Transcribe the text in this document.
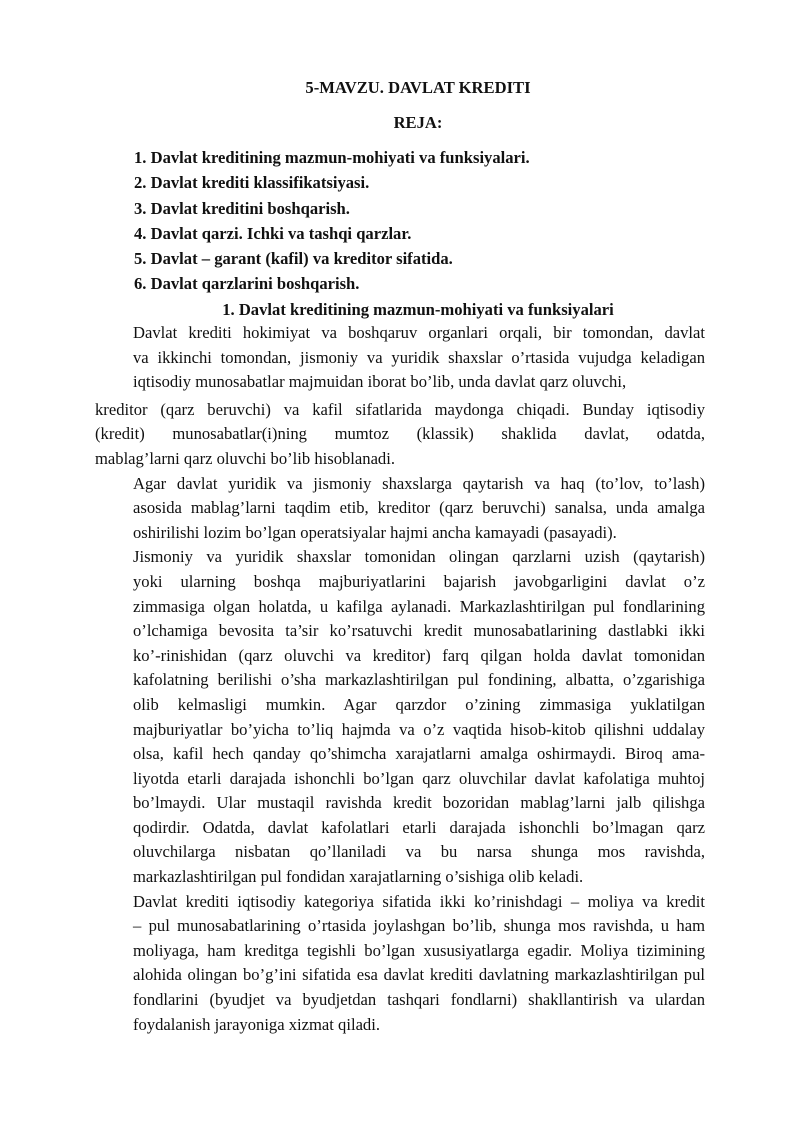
5-MAVZU. DAVLAT KREDITI
REJA:
1. Davlat kreditining mazmun-mohiyati va funksiyalari.
2. Davlat krediti klassifikatsiyasi.
3. Davlat kreditini boshqarish.
4. Davlat qarzi. Ichki va tashqi qarzlar.
5. Davlat – garant (kafil) va kreditor sifatida.
6. Davlat qarzlarini boshqarish.
1. Davlat kreditining mazmun-mohiyati va funksiyalari

Davlat krediti hokimiyat va boshqaruv organlari orqali, bir tomondan, davlat
va ikkinchi tomondan, jismoniy va yuridik shaxslar o’rtasida vujudga keladigan
iqtisodiy munosabatlar majmuidan iborat bo’lib, unda davlat qarz oluvchi,

kreditor (qarz beruvchi) va kafil sifatlarida maydonga chiqadi. Bunday iqtisodiy
(kredit) munosabatlar(i)ning mumtoz (klassik) shaklida davlat, odatda,
mablag’larni qarz oluvchi bo’lib hisoblanadi.

Agar davlat yuridik va jismoniy shaxslarga qaytarish va haq (to’lov, to’lash)
asosida mablag’larni taqdim etib, kreditor (qarz beruvchi) sanalsa, unda amalga
oshirilishi lozim bo’lgan operatsiyalar hajmi ancha kamayadi (pasayadi).

Jismoniy va yuridik shaxslar tomonidan olingan qarzlarni uzish (qaytarish)
yoki ularning boshqa majburiyatlarini bajarish javobgarligini davlat o’z
zimmasiga olgan holatda, u kafilga aylanadi. Markazlashtirilgan pul fondlarining
o’lchamiga bevosita ta’sir ko’rsatuvchi kredit munosabatlarining dastlabki ikki
ko’-rinishidan (qarz oluvchi va kreditor) farq qilgan holda davlat tomonidan
kafolatning berilishi o’sha markazlashtirilgan pul fondining, albatta, o’zgarishiga
olib kelmasligi mumkin. Agar qarzdor o’zining zimmasiga yuklatilgan
majburiyatlar bo’yicha to’liq hajmda va o’z vaqtida hisob-kitob qilishni uddalay
olsa, kafil hech qanday qo’shimcha xarajatlarni amalga oshirmaydi. Biroq ama-
liyotda etarli darajada ishonchli bo’lgan qarz oluvchilar davlat kafolatiga muhtoj
bo’lmaydi. Ular mustaqil ravishda kredit bozoridan mablag’larni jalb qilishga
qodirdir. Odatda, davlat kafolatlari etarli darajada ishonchli bo’lmagan qarz
oluvchilarga nisbatan qo’llaniladi va bu narsa shunga mos ravishda,
markazlashtirilgan pul fondidan xarajatlarning o’sishiga olib keladi.

Davlat krediti iqtisodiy kategoriya sifatida ikki ko’rinishdagi – moliya va kredit
– pul munosabatlarining o’rtasida joylashgan bo’lib, shunga mos ravishda, u ham
moliyaga, ham kreditga tegishli bo’lgan xususiyatlarga egadir. Moliya tizimining
alohida olingan bo’g’ini sifatida esa davlat krediti davlatning markazlashtirilgan pul
fondlarini (byudjet va byudjetdan tashqari fondlarni) shakllantirish va ulardan
foydalanish jarayoniga xizmat qiladi.
